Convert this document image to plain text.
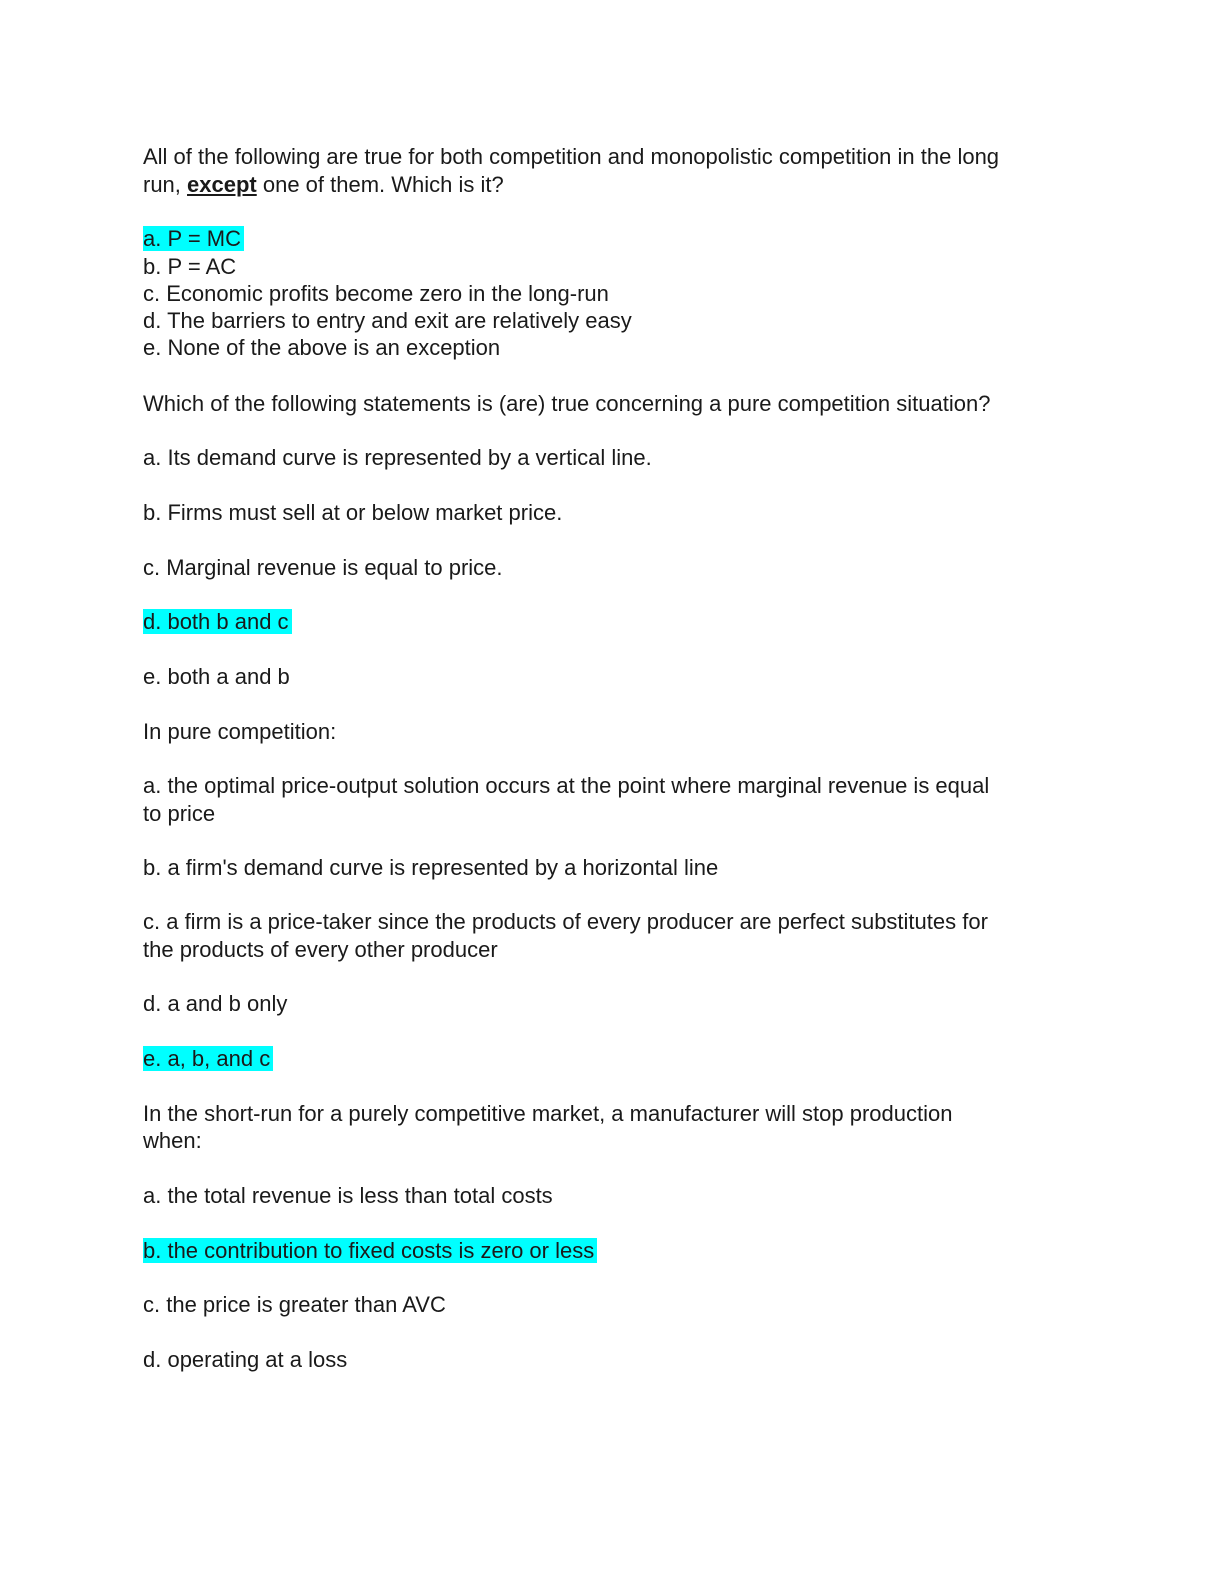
All of the following are true for both competition and monopolistic competition in the long
run, except one of them. Which is it?
a. P = MC
b. P = AC
c. Economic profits become zero in the long-run
d. The barriers to entry and exit are relatively easy
e. None of the above is an exception
Which of the following statements is (are) true concerning a pure competition situation?
a. Its demand curve is represented by a vertical line.
b. Firms must sell at or below market price.
c. Marginal revenue is equal to price.
d. both b and c
e. both a and b
In pure competition:
a. the optimal price-output solution occurs at the point where marginal revenue is equal
to price
b. a firm's demand curve is represented by a horizontal line
c. a firm is a price-taker since the products of every producer are perfect substitutes for
the products of every other producer
d. a and b only
e. a, b, and c
In the short-run for a purely competitive market, a manufacturer will stop production
when:
a. the total revenue is less than total costs
b. the contribution to fixed costs is zero or less
c. the price is greater than AVC
d. operating at a loss
